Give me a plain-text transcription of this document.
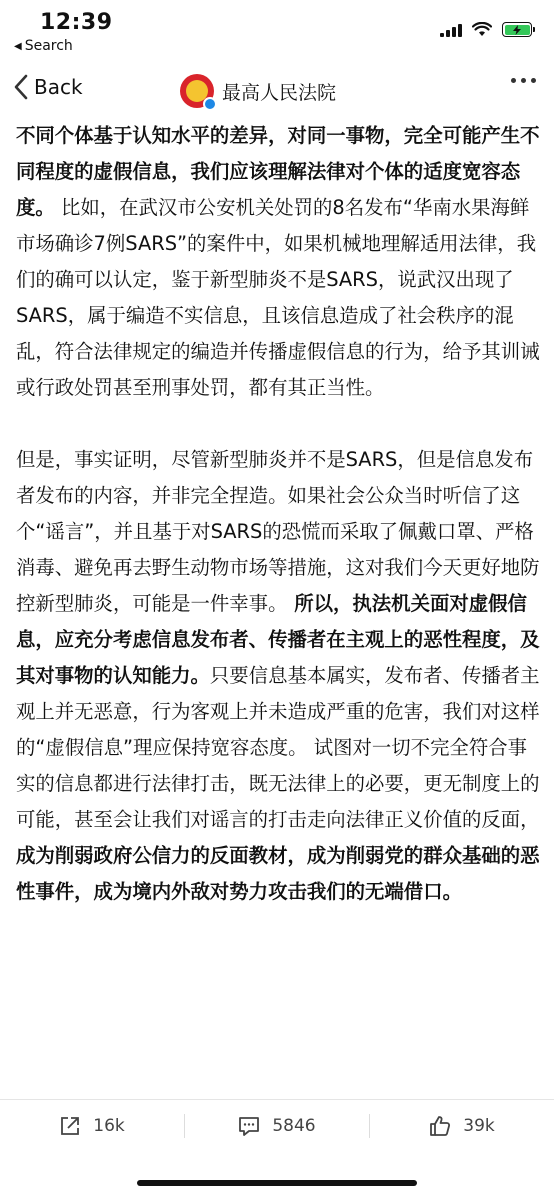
12:39
◀ Search
Back	最高人民法院

不同个体基于认知水平的差异，对同一事物，完全可能产生不同程度的虚假信息，我们应该理解法律对个体的适度宽容态度。 比如，在武汉市公安机关处罚的8名发布“华南水果海鲜市场确诊7例SARS”的案件中，如果机械地理解适用法律，我们的确可以认定，鉴于新型肺炎不是SARS，说武汉出现了SARS，属于编造不实信息，且该信息造成了社会秩序的混乱，符合法律规定的编造并传播虚假信息的行为，给予其训诫或行政处罚甚至刑事处罚，都有其正当性。

但是，事实证明，尽管新型肺炎并不是SARS，但是信息发布者发布的内容，并非完全捏造。如果社会公众当时听信了这个“谣言”，并且基于对SARS的恐慌而采取了佩戴口罩、严格消毒、避免再去野生动物市场等措施，这对我们今天更好地防控新型肺炎，可能是一件幸事。 所以，执法机关面对虚假信息，应充分考虑信息发布者、传播者在主观上的恶性程度，及其对事物的认知能力。只要信息基本属实，发布者、传播者主观上并无恶意，行为客观上并未造成严重的危害，我们对这样的“虚假信息”理应保持宽容态度。 试图对一切不完全符合事实的信息都进行法律打击，既无法律上的必要，更无制度上的可能，甚至会让我们对谣言的打击走向法律正义价值的反面，成为削弱政府公信力的反面教材，成为削弱党的群众基础的恶性事件，成为境内外敌对势力攻击我们的无端借口。

16k	5846	39k
